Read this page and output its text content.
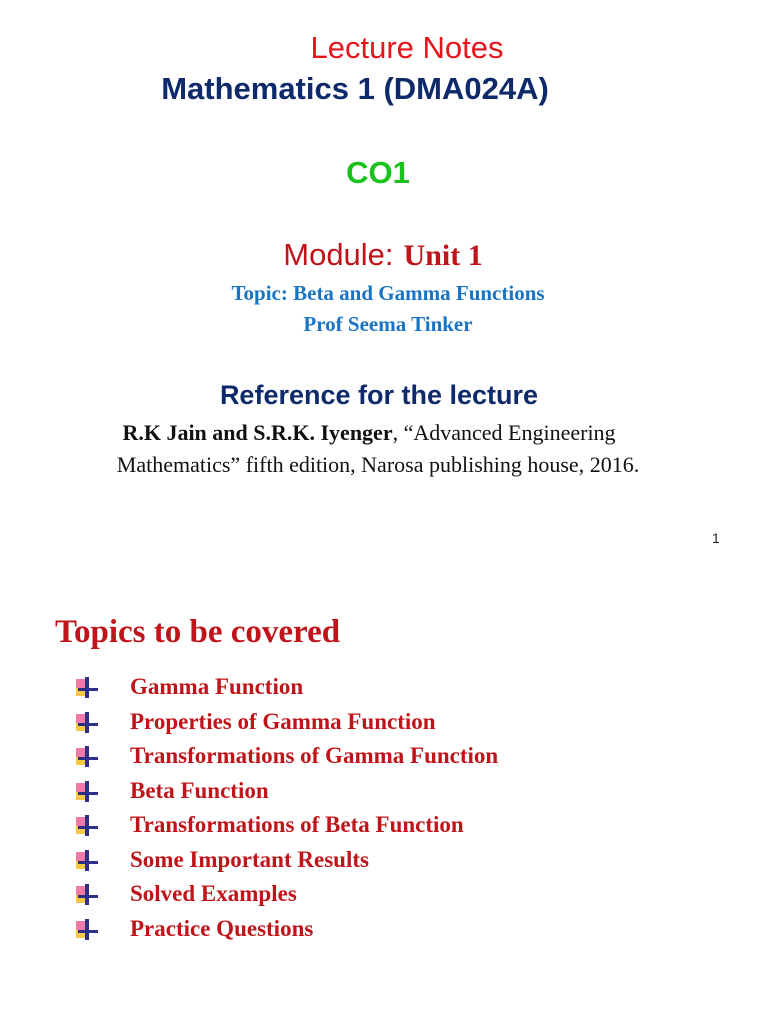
Lecture Notes
Mathematics 1 (DMA024A)
CO1
Module: Unit 1
Topic: Beta and Gamma Functions
Prof Seema Tinker
Reference for the lecture
R.K Jain and S.R.K. Iyenger, “Advanced Engineering
Mathematics” fifth edition, Narosa publishing house, 2016.
1
Topics to be covered
Gamma Function
Properties of Gamma Function
Transformations of Gamma Function
Beta Function
Transformations of Beta Function
Some Important Results
Solved Examples
Practice Questions
